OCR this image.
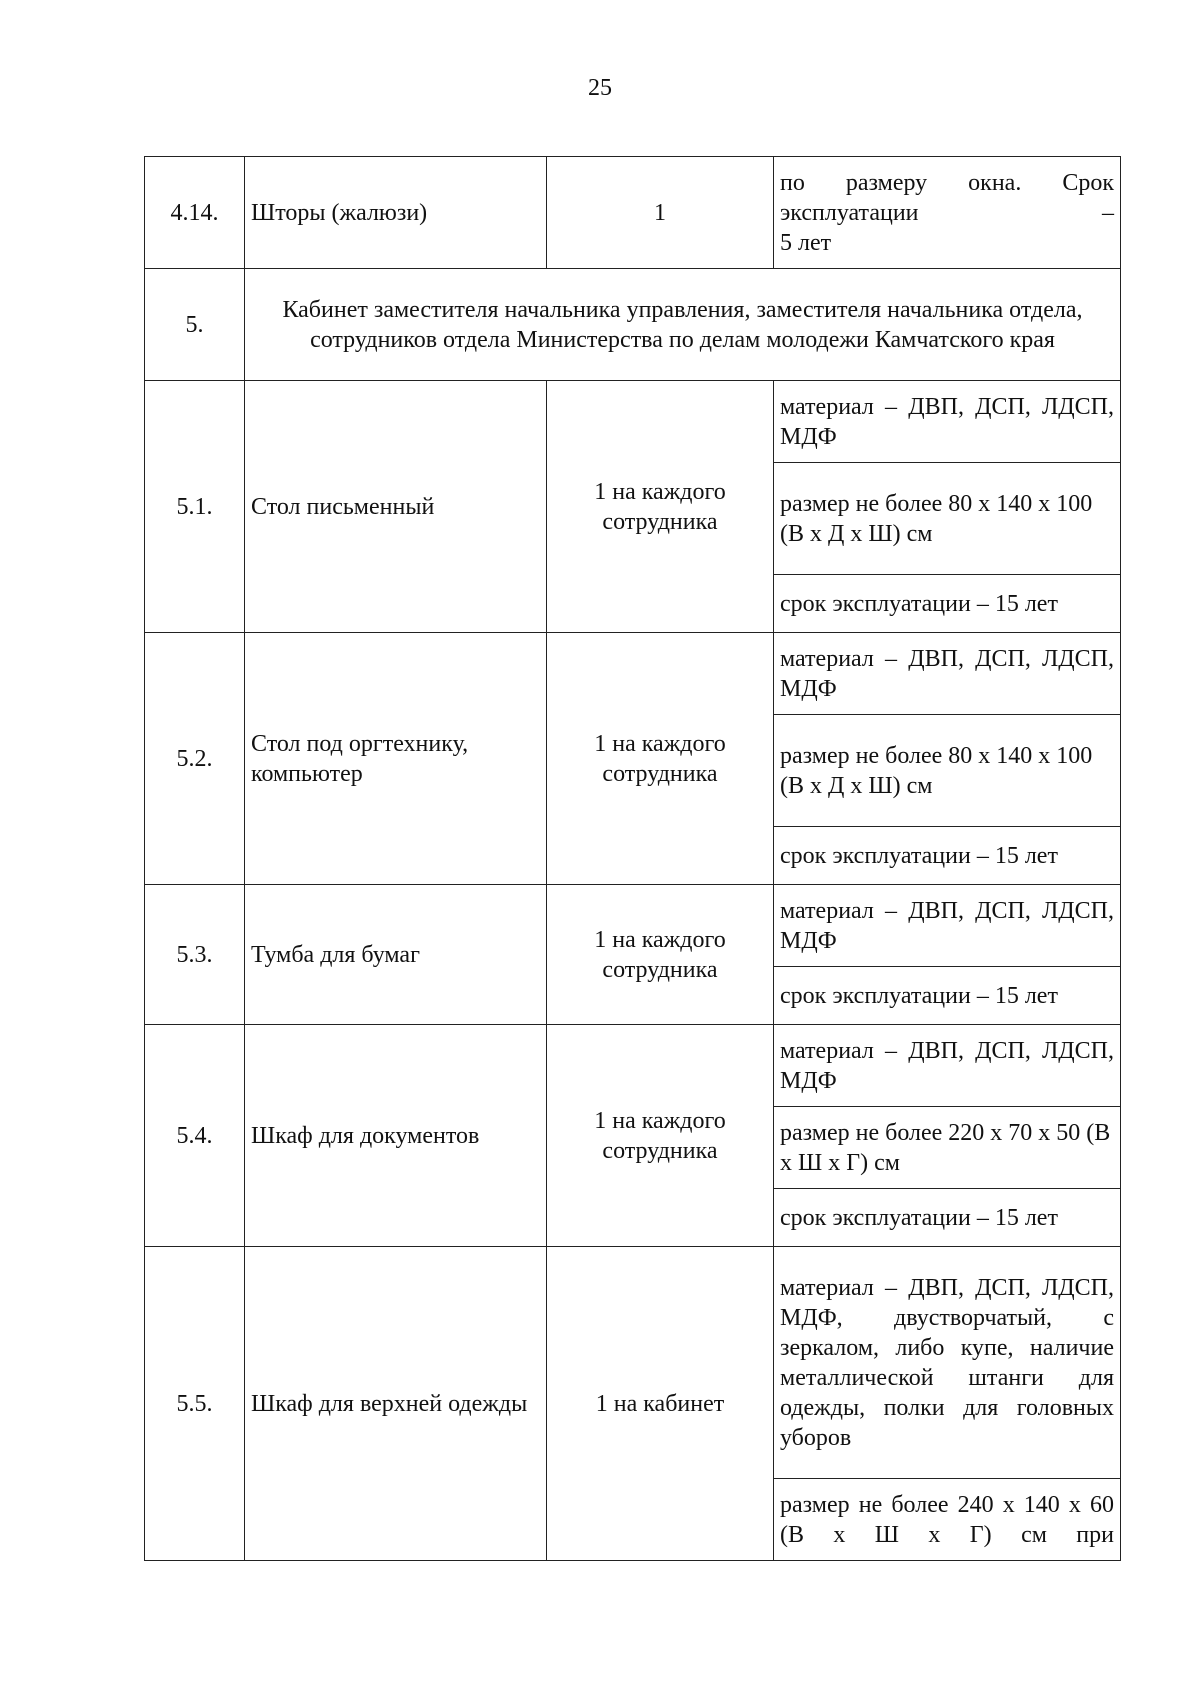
25
4.14.	Шторы (жалюзи)	1	по размеру окна. Срок
эксплуатации –
5 лет

5.	Кабинет заместителя начальника управления, заместителя начальника отдела, сотрудников отдела Министерства по делам молодежи Камчатского края		
5.1.	Стол письменный	1 на каждого сотрудника	материал – ДВП, ДСП, ЛДСП, МДФ
			размер не более 80 х 140 х 100 (В х Д х Ш) см
			срок эксплуатации – 15 лет
5.2.	Стол под оргтехнику, компьютер	1 на каждого сотрудника	материал – ДВП, ДСП, ЛДСП, МДФ
			размер не более 80 х 140 х 100 (В х Д х Ш) см
			срок эксплуатации – 15 лет
5.3.	Тумба для бумаг	1 на каждого сотрудника	материал – ДВП, ДСП, ЛДСП, МДФ
			срок эксплуатации – 15 лет
5.4.	Шкаф для документов	1 на каждого сотрудника	материал – ДВП, ДСП, ЛДСП, МДФ
			размер не более 220 х 70 х 50 (В х Ш х Г) см
			срок эксплуатации – 15 лет
5.5.	Шкаф для верхней одежды	1 на кабинет	материал – ДВП, ДСП, ЛДСП, МДФ, двустворчатый, с зеркалом, либо купе, наличие металлической штанги для одежды, полки для головных уборов
			размер не более 240 х 140 х 60 (В х Ш х Г) см при
